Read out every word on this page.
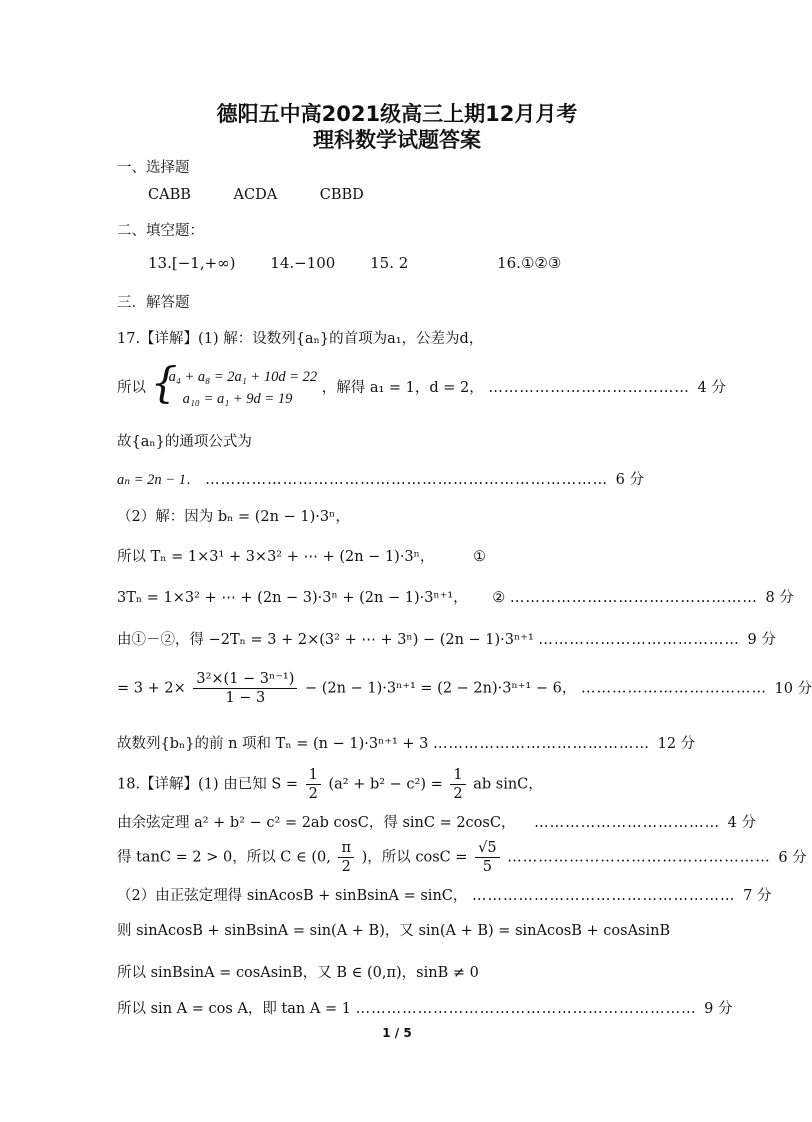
德阳五中高2021级高三上期12月月考
理科数学试题答案
一、选择题
CABB	ACDA	CBBD
二、填空题：
13.[−1,+∞) 14.−100 15. 2	16.①②③
三．解答题
17.【详解】(1) 解：设数列{aₙ}的首项为a₁，公差为d，
所以 {
a₄ + a₈ = 2a₁ + 10d = 22
a₁₀ = a₁ + 9d = 19
，解得 a₁ = 1，d = 2， ………………………………… 4 分
故{aₙ}的通项公式为
aₙ = 2n − 1． …………………………………………………………………… 6 分
（2）解：因为 bₙ = (2n − 1)·3ⁿ，
所以 Tₙ = 1×3¹ + 3×3² + ⋯ + (2n − 1)·3ⁿ，	①
3Tₙ = 1×3² + ⋯ + (2n − 3)·3ⁿ + (2n − 1)·3ⁿ⁺¹， ② ………………………………………… 8 分
由①－②，得 −2Tₙ = 3 + 2×(3² + ⋯ + 3ⁿ) − (2n − 1)·3ⁿ⁺¹ ………………………………… 9 分
= $3 + 2\times \frac{\text{3²×(1 − 3ⁿ⁻¹)}}{1 - 3} - (2n - 1)\cdot 3^{n+1} = (2 - 2n)\cdot 3^{n+1} - 6$， ……………………………… 10 分
故数列{bₙ}的前 n 项和 Tₙ = (n − 1)·3ⁿ⁺¹ + 3 …………………………………… 12 分
18.【详解】(1) 由已知 $S = \frac{1}{2} (a^2 + b^2 - c^2) = \frac{1}{2}$ ab sinC，
由余弦定理 a² + b² − c² = 2ab cosC，得 sinC = 2cosC， ……………………………… 4 分
得 tanC = 2 > 0，所以 C ∈ (0, $\frac{\pi}{2}$ )，所以 $\cos C = \frac{√5}{5}$ …………………………………………… 6 分
（2）由正弦定理得 sinAcosB + sinBsinA = sinC， …………………………………………… 7 分
则 sinAcosB + sinBsinA = sin(A + B)，又 sin(A + B) = sinAcosB + cosAsinB
所以 sinBsinA = cosAsinB，又 B ∈ (0,π)，sinB ≠ 0
所以 sin A = cos A，即 tan A = 1 ………………………………………………………… 9 分
1 / 5
